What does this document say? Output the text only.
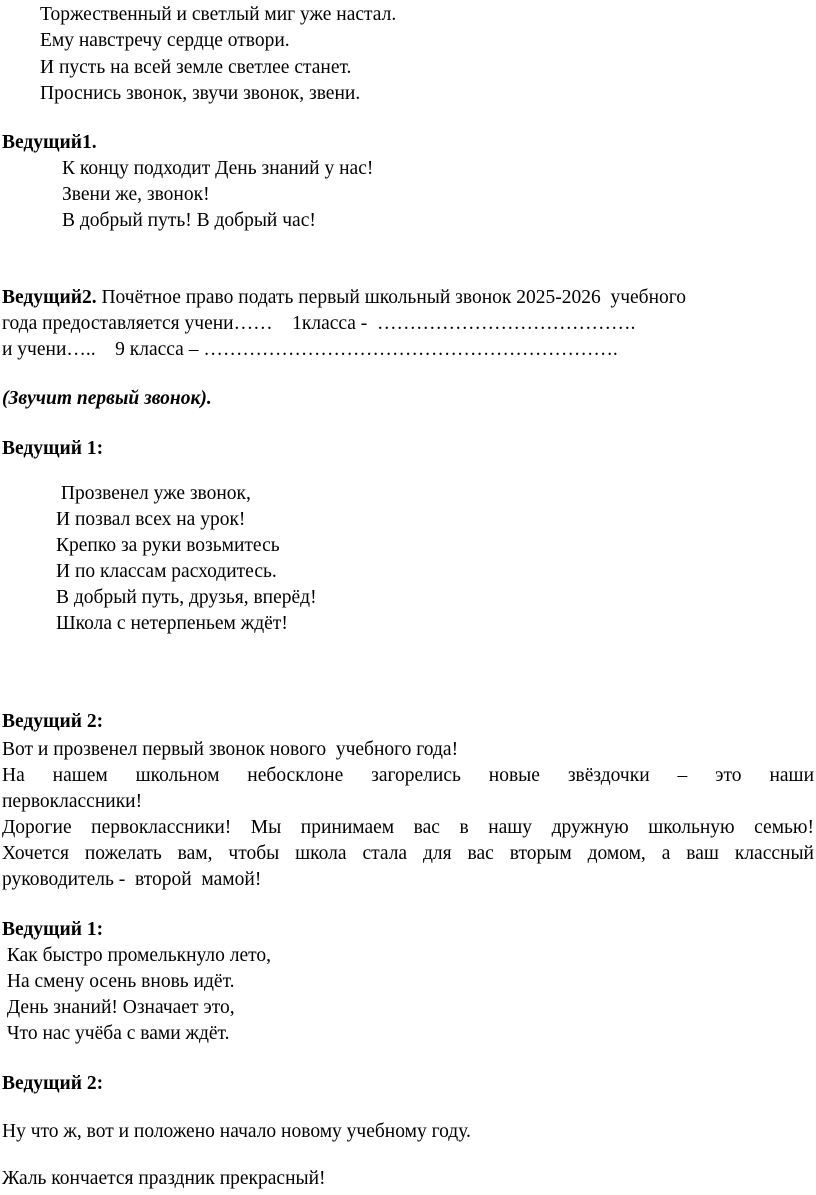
Торжественный и светлый миг уже настал.
Ему навстречу сердце отвори.
И пусть на всей земле светлее станет.
Проснись звонок, звучи звонок, звени.
Ведущий1.
К концу подходит День знаний у нас!
Звени же, звонок!
В добрый путь! В добрый час!
Ведущий2. Почётное право подать первый школьный звонок 2025-2026  учебного
года предоставляется учени……    1класса -  ………………………………….
и учени…..    9 класса – ……………………………………………………….
(Звучит первый звонок).
Ведущий 1:
Прозвенел уже звонок,
И позвал всех на урок!
Крепко за руки возьмитесь
И по классам расходитесь.
В добрый путь, друзья, вперёд!
Школа с нетерпеньем ждёт!
Ведущий 2:
Вот и прозвенел первый звонок нового  учебного года!
На нашем школьном небосклоне загорелись новые звёздочки – это наши
первоклассники!
Дорогие первоклассники! Мы принимаем вас в нашу дружную школьную семью!
Хочется пожелать вам, чтобы школа стала для вас вторым домом, а ваш классный
руководитель -  второй  мамой!
Ведущий 1:
Как быстро промелькнуло лето,
На смену осень вновь идёт.
День знаний! Означает это,
Что нас учёба с вами ждёт.
Ведущий 2:
Ну что ж, вот и положено начало новому учебному году.
Жаль кончается праздник прекрасный!
